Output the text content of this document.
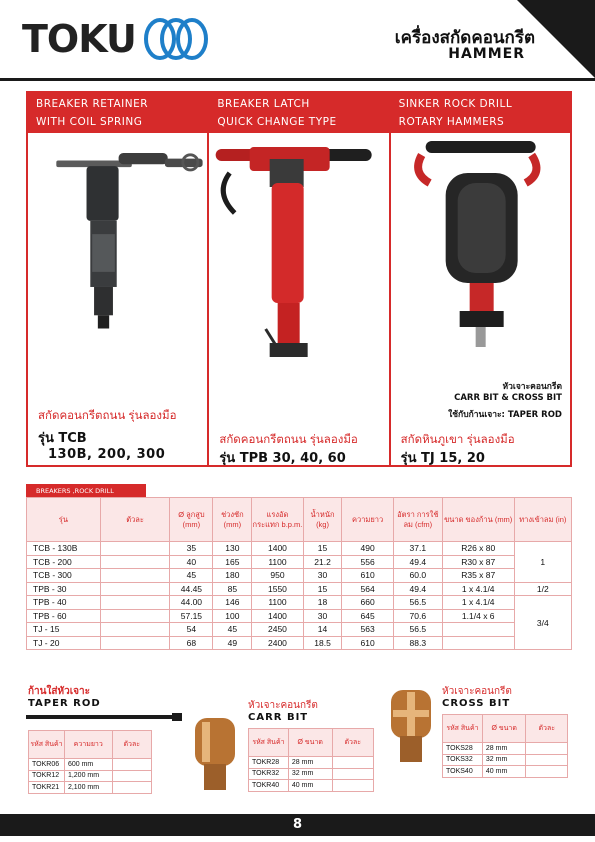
TOKU	เครื่องสกัดคอนกรีต
HAMMER
BREAKER RETAINER
WITH COIL SPRING
สกัดคอนกรีตถนน รุ่นลองมือ
รุ่น TCB
130B, 200, 300
BREAKER LATCH
QUICK CHANGE TYPE
สกัดคอนกรีตถนน รุ่นลองมือ
รุ่น TPB 30, 40, 60
SINKER ROCK DRILL
ROTARY HAMMERS
หัวเจาะคอนกรีต
CARR BIT & CROSS BIT
ใช้กับก้านเจาะ: TAPER ROD
สกัดหินภูเขา รุ่นลองมือ
รุ่น TJ 15, 20
BREAKERS ,ROCK DRILL
รุ่น	ตัวละ	Ø ลูกสูบ (mm)	ช่วงชัก (mm)	แรงอัด กระแทก b.p.m.	น้ำหนัก (kg)	ความยาว	อัตรา การใช้ลม (cfm)	ขนาด ของก้าน (mm)	ทางเข้าลม (in)
TCB - 130B		35	130	1400	15	490	37.1	R26 x 80	1
TCB - 200		40	165	1100	21.2	556	49.4	R30 x 87	
TCB - 300		45	180	950	30	610	60.0	R35 x 87	
TPB - 30		44.45	85	1550	15	564	49.4	1 x 4.1/4	1/2
TPB - 40		44.00	146	1100	18	660	56.5	1 x 4.1/4	3/4
TPB - 60		57.15	100	1400	30	645	70.6	1.1/4 x 6	
TJ - 15		54	45	2450	14	563	56.5		
TJ - 20		68	49	2400	18.5	610	88.3		
ก้านใส่หัวเจาะ
TAPER ROD
รหัส สินค้า	ความยาว	ตัวละ
TOKR06	600 mm	
TOKR12	1,200 mm	
TOKR21	2,100 mm	
หัวเจาะคอนกรีต
CARR BIT
รหัส สินค้า	Ø ขนาด	ตัวละ
TOKR28	28 mm	
TOKR32	32 mm	
TOKR40	40 mm	
หัวเจาะคอนกรีต
CROSS BIT
รหัส สินค้า	Ø ขนาด	ตัวละ
TOKS28	28 mm	
TOKS32	32 mm	
TOKS40	40 mm	
8
